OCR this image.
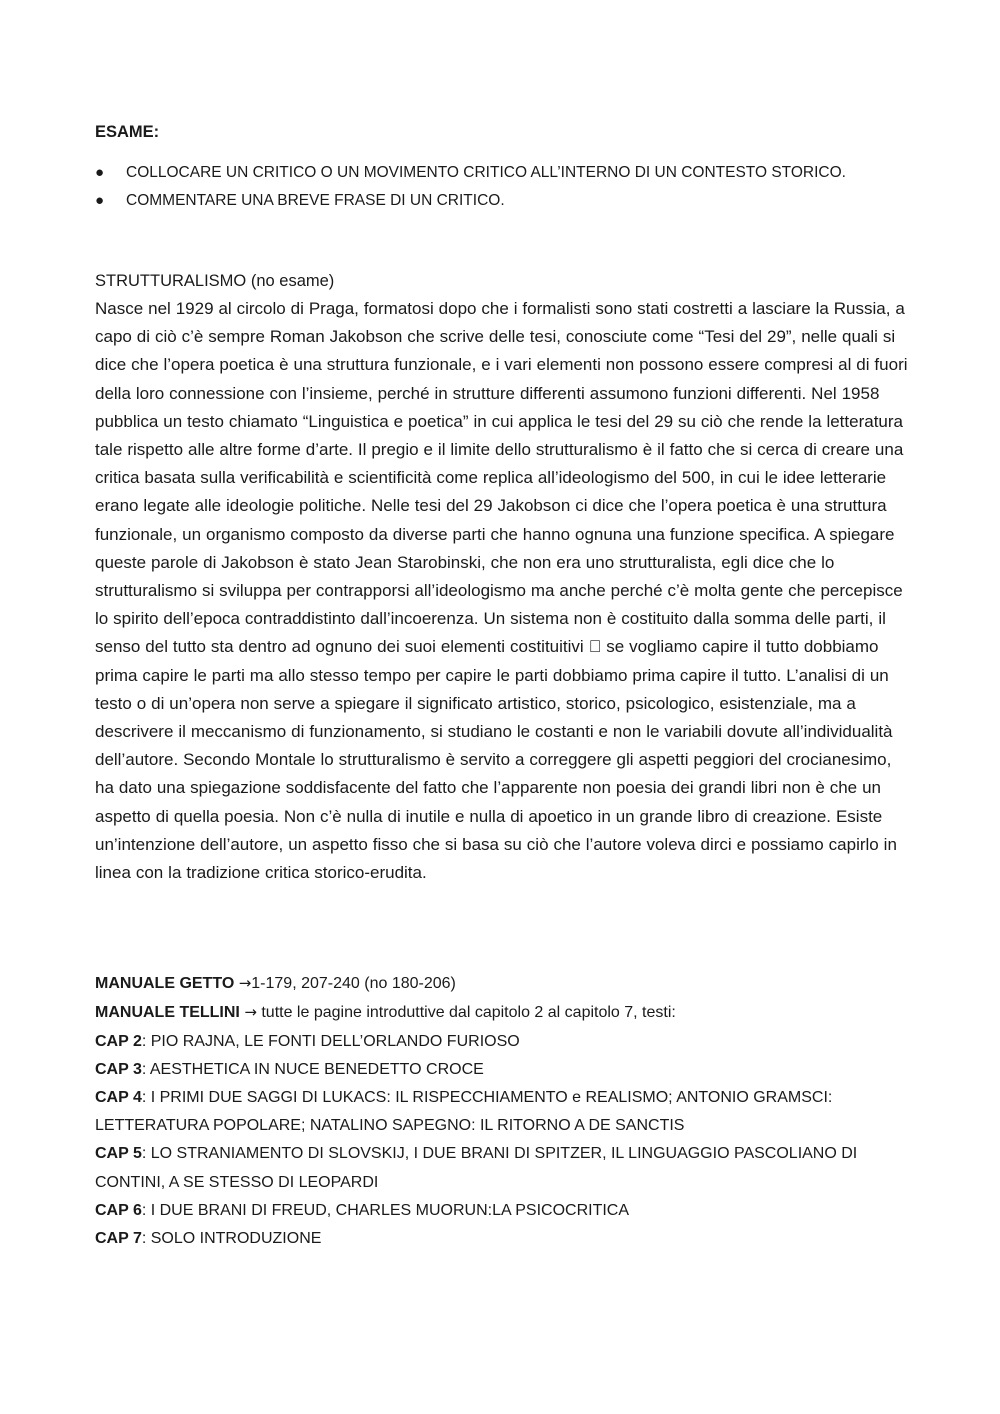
ESAME:
● COLLOCARE UN CRITICO O UN MOVIMENTO CRITICO ALL’INTERNO DI UN CONTESTO STORICO.
● COMMENTARE UNA BREVE FRASE DI UN CRITICO.
STRUTTURALISMO (no esame)

Nasce nel 1929 al circolo di Praga, formatosi dopo che i formalisti sono stati costretti a lasciare la Russia, a capo di ciò c’è sempre Roman Jakobson che scrive delle tesi, conosciute come “Tesi del 29”, nelle quali si dice che l’opera poetica è una struttura funzionale, e i vari elementi non possono essere compresi al di fuori della loro connessione con l’insieme, perché in strutture differenti assumono funzioni differenti. Nel 1958 pubblica un testo chiamato “Linguistica e poetica” in cui applica le tesi del 29 su ciò che rende la letteratura tale rispetto alle altre forme d’arte. Il pregio e il limite dello strutturalismo è il fatto che si cerca di creare una critica basata sulla verificabilità e scientificità come replica all’ideologismo del 500, in cui le idee letterarie erano legate alle ideologie politiche. Nelle tesi del 29 Jakobson ci dice che l’opera poetica è una struttura funzionale, un organismo composto da diverse parti che hanno ognuna una funzione specifica. A spiegare queste parole di Jakobson è stato Jean Starobinski, che non era uno strutturalista, egli dice che lo strutturalismo si sviluppa per contrapporsi all’ideologismo ma anche perché c’è molta gente che percepisce lo spirito dell’epoca contraddistinto dall’incoerenza. Un sistema non è costituito dalla somma delle parti, il senso del tutto sta dentro ad ognuno dei suoi elementi costituitivi ￾ se vogliamo capire il tutto dobbiamo prima capire le parti ma allo stesso tempo per capire le parti dobbiamo prima capire il tutto. L’analisi di un testo o di un’opera non serve a spiegare il significato artistico, storico, psicologico, esistenziale, ma a descrivere il meccanismo di funzionamento, si studiano le costanti e non le variabili dovute all’individualità dell’autore. Secondo Montale lo strutturalismo è servito a correggere gli aspetti peggiori del crocianesimo, ha dato una spiegazione soddisfacente del fatto che l’apparente non poesia dei grandi libri non è che un aspetto di quella poesia. Non c’è nulla di inutile e nulla di apoetico in un grande libro di creazione. Esiste un’intenzione dell’autore, un aspetto fisso che si basa su ciò che l’autore voleva dirci e possiamo capirlo in linea con la tradizione critica storico-erudita.

MANUALE GETTO →1-179, 207-240 (no 180-206)
MANUALE TELLINI → tutte le pagine introduttive dal capitolo 2 al capitolo 7, testi:
CAP 2: PIO RAJNA, LE FONTI DELL’ORLANDO FURIOSO
CAP 3: AESTHETICA IN NUCE BENEDETTO CROCE
CAP 4: I PRIMI DUE SAGGI DI LUKACS: IL RISPECCHIAMENTO e REALISMO; ANTONIO GRAMSCI: LETTERATURA POPOLARE; NATALINO SAPEGNO: IL RITORNO A DE SANCTIS
CAP 5: LO STRANIAMENTO DI SLOVSKIJ, I DUE BRANI DI SPITZER, IL LINGUAGGIO PASCOLIANO DI CONTINI, A SE STESSO DI LEOPARDI
CAP 6: I DUE BRANI DI FREUD, CHARLES MUORUN:LA PSICOCRITICA
CAP 7: SOLO INTRODUZIONE
